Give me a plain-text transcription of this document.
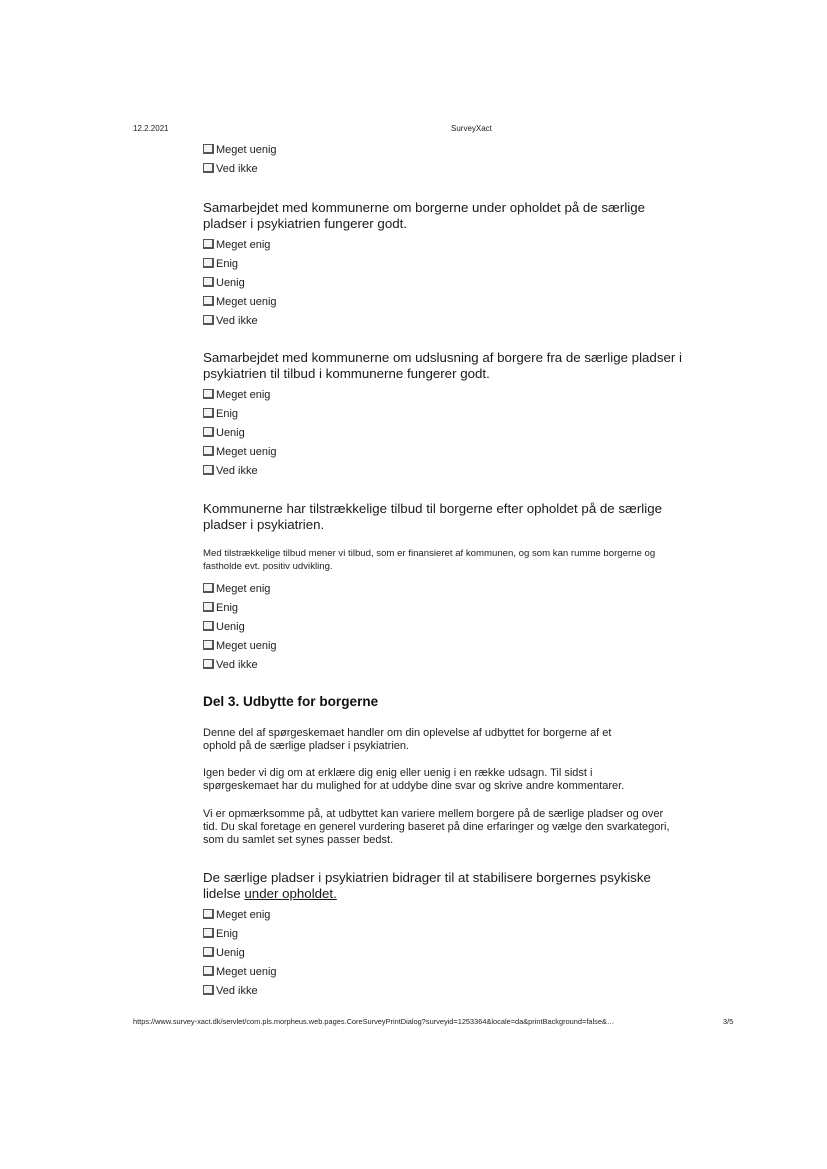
12.2.2021	SurveyXact
Meget uenig
Ved ikke

Samarbejdet med kommunerne om borgerne under opholdet på de særlige pladser i psykiatrien fungerer godt.

Meget enig
Enig
Uenig
Meget uenig
Ved ikke

Samarbejdet med kommunerne om udslusning af borgere fra de særlige pladser i psykiatrien til tilbud i kommunerne fungerer godt.

Meget enig
Enig
Uenig
Meget uenig
Ved ikke

Kommunerne har tilstrækkelige tilbud til borgerne efter opholdet på de særlige pladser i psykiatrien.

Med tilstrækkelige tilbud mener vi tilbud, som er finansieret af kommunen, og som kan rumme borgerne og fastholde evt. positiv udvikling.

Meget enig
Enig
Uenig
Meget uenig
Ved ikke

Del 3. Udbytte for borgerne

Denne del af spørgeskemaet handler om din oplevelse af udbyttet for borgerne af et ophold på de særlige pladser i psykiatrien.

Igen beder vi dig om at erklære dig enig eller uenig i en række udsagn. Til sidst i spørgeskemaet har du mulighed for at uddybe dine svar og skrive andre kommentarer.

Vi er opmærksomme på, at udbyttet kan variere mellem borgere på de særlige pladser og over tid. Du skal foretage en generel vurdering baseret på dine erfaringer og vælge den svarkategori, som du samlet set synes passer bedst.

De særlige pladser i psykiatrien bidrager til at stabilisere borgernes psykiske lidelse under opholdet.

Meget enig
Enig
Uenig
Meget uenig
Ved ikke
https://www.survey-xact.dk/servlet/com.pls.morpheus.web.pages.CoreSurveyPrintDialog?surveyid=1253364&locale=da&printBackground=false&…	3/5
